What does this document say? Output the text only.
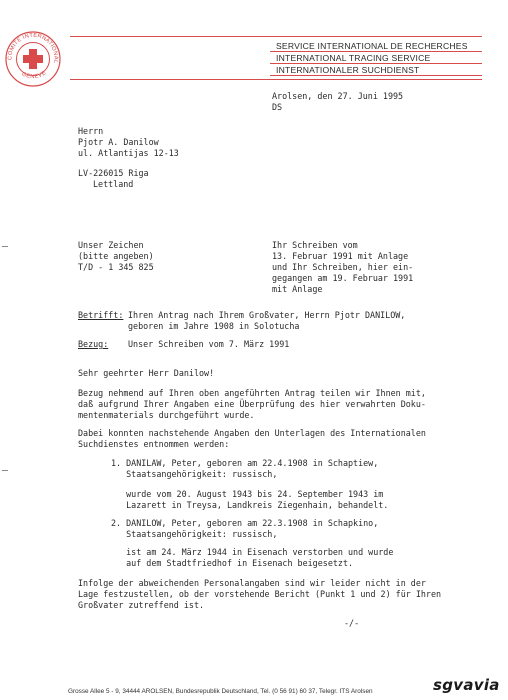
COMITE INTERNATIONAL
GENEVE
SERVICE INTERNATIONAL DE RECHERCHES
INTERNATIONAL TRACING SERVICE
INTERNATIONALER SUCHDIENST
Arolsen, den 27. Juni 1995
DS
Herrn
Pjotr A. Danilow
ul. Atlantijas 12-13
LV-226015 Riga
Lettland
Unser Zeichen
(bitte angeben)
T/D - 1 345 825
Ihr Schreiben vom
13. Februar 1991 mit Anlage
und Ihr Schreiben, hier ein-
gegangen am 19. Februar 1991
mit Anlage
Betrifft: Ihren Antrag nach Ihrem Großvater, Herrn Pjotr DANILOW,
geboren im Jahre 1908 in Solotucha
Bezug: Unser Schreiben vom 7. März 1991
Sehr geehrter Herr Danilow!
Bezug nehmend auf Ihren oben angeführten Antrag teilen wir Ihnen mit,
daß aufgrund Ihrer Angaben eine Überprüfung des hier verwahrten Doku-
mentenmaterials durchgeführt wurde.
Dabei konnten nachstehende Angaben den Unterlagen des Internationalen
Suchdienstes entnommen werden:
1. DANILAW, Peter, geboren am 22.4.1908 in Schaptiew,
Staatsangehörigkeit: russisch,
wurde vom 20. August 1943 bis 24. September 1943 im
Lazarett in Treysa, Landkreis Ziegenhain, behandelt.
2. DANILOW, Peter, geboren am 22.3.1908 in Schapkino,
Staatsangehörigkeit: russisch,
ist am 24. März 1944 in Eisenach verstorben und wurde
auf dem Stadtfriedhof in Eisenach beigesetzt.
Infolge der abweichenden Personalangaben sind wir leider nicht in der
Lage festzustellen, ob der vorstehende Bericht (Punkt 1 und 2) für Ihren
Großvater zutreffend ist.
-/-
Grosse Allee 5 - 9, 34444 AROLSEN, Bundesrepublik Deutschland, Tel. (0 56 91) 60 37, Telegr. ITS Arolsen	sgvavia
